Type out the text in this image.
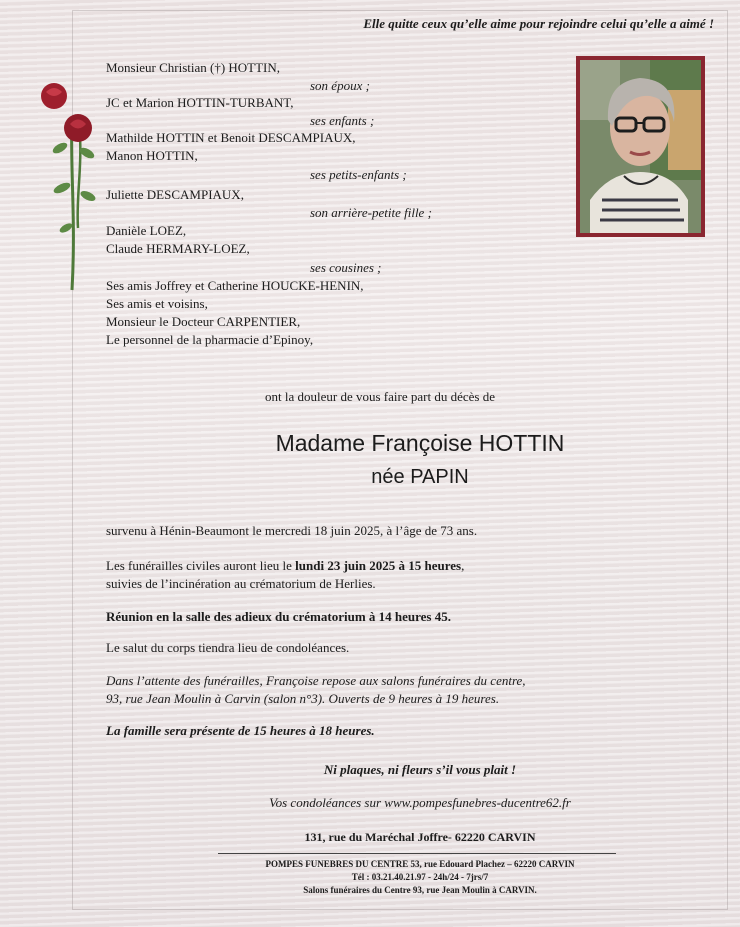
Elle quitte ceux qu’elle aime pour rejoindre celui qu’elle a aimé !
Monsieur Christian (†) HOTTIN,
son époux ;
JC et Marion HOTTIN-TURBANT,
ses enfants ;
Mathilde HOTTIN et Benoit DESCAMPIAUX,
Manon HOTTIN,
ses petits-enfants ;
Juliette DESCAMPIAUX,
son arrière-petite fille ;
Danièle LOEZ,
Claude HERMARY-LOEZ,
ses cousines ;
Ses amis Joffrey et Catherine HOUCKE-HENIN,
Ses amis et voisins,
Monsieur le Docteur CARPENTIER,
Le personnel de la pharmacie d’Epinoy,
ont la douleur de vous faire part du décès de
Madame Françoise HOTTIN
née PAPIN
survenu à Hénin-Beaumont le mercredi 18 juin 2025, à l’âge de 73 ans.
Les funérailles civiles auront lieu le lundi 23 juin 2025 à 15 heures,
suivies de l’incinération au crématorium de Herlies.
Réunion en la salle des adieux du crématorium à 14 heures 45.
Le salut du corps tiendra lieu de condoléances.
Dans l’attente des funérailles, Françoise repose aux salons funéraires du centre,
93, rue Jean Moulin à Carvin (salon n°3). Ouverts de 9 heures à 19 heures.
La famille sera présente de 15 heures à 18 heures.
Ni plaques, ni fleurs s’il vous plait !
Vos condoléances sur www.pompesfunebres-ducentre62.fr
131, rue du Maréchal Joffre- 62220 CARVIN
POMPES FUNEBRES DU CENTRE 53, rue Edouard Plachez – 62220 CARVIN
Tél : 03.21.40.21.97 - 24h/24 - 7jrs/7
Salons funéraires du Centre 93, rue Jean Moulin à CARVIN.
